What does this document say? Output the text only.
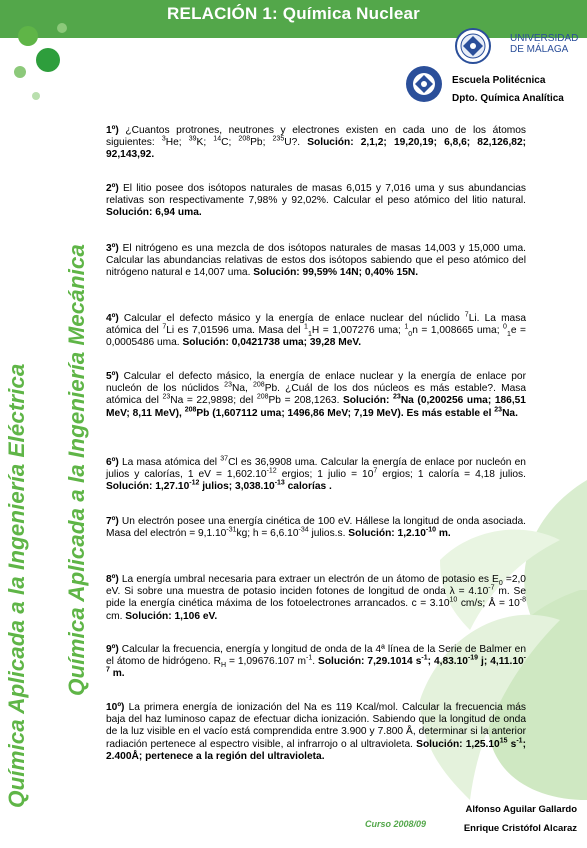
RELACIÓN 1: Química Nuclear
UNIVERSIDAD
DE MÁLAGA
Escuela Politécnica
Dpto. Química Analítica
Química Aplicada a la Ingeniería Eléctrica Química Aplicada a la Ingeniería Mecánica
1º) ¿Cuantos protrones, neutrones y electrones existen en cada uno de los átomos siguientes: $^3$He; $^{39}$K; $^{14}$C; $^{208}$Pb; $^{235}$U?. Solución: 2,1,2; 19,20,19; 6,8,6; 82,126,82; 92,143,92.
2º) El litio posee dos isótopos naturales de masas 6,015 y 7,016 uma y sus abundancias relativas son respectivamente 7,98% y 92,02%. Calcular el peso atómico del litio natural. Solución: 6,94 uma.
3º) El nitrógeno es una mezcla de dos isótopos naturales de masas 14,003 y 15,000 uma. Calcular las abundancias relativas de estos dos isótopos sabiendo que el peso atómico del nitrógeno natural e 14,007 uma. Solución: 99,59% 14N; 0,40% 15N.
4º) Calcular el defecto másico y la energía de enlace nuclear del núclido $^7$Li. La masa atómica del $^7$Li es 7,01596 uma. Masa del $^1_1$H = 1,007276 uma; $^1_0$n = 1,008665 uma; $^0_1$e = 0,0005486 uma. Solución: 0,0421738 uma; 39,28 MeV.
5º) Calcular el defecto másico, la energía de enlace nuclear y la energía de enlace por nucleón de los núclidos $^{23}$Na, $^{208}$Pb. ¿Cuál de los dos núcleos es más estable?. Masa atómica del $^{23}$Na = 22,9898; del $^{208}$Pb = 208,1263. Solución: $^{23}$Na (0,200256 uma; 186,51 MeV; 8,11 MeV), $^{208}$Pb (1,607112 uma; 1496,86 MeV; 7,19 MeV). Es más estable el $^{23}$Na.
6º) La masa atómica del $^{37}$Cl es 36,9908 uma. Calcular la energía de enlace por nucleón en julios y calorías, 1 eV = $1,602.10^{-12}$ ergios; 1 julio = $10^7$ ergios; 1 caloría = 4,18 julios. Solución: $1,27.10^{-12}$ julios; $3,038.10^{-13}$ calorías .
7º) Un electrón posee una energía cinética de 100 eV. Hállese la longitud de onda asociada. Masa del electrón = $9,1.10^{-31}kg$; $h = 6,6.10^{-34}$ julios.s. Solución: $1,2.10^{-10}$ m.
8º) La energía umbral necesaria para extraer un electrón de un átomo de potasio es $E_0 =2,0$ eV. Si sobre una muestra de potasio inciden fotones de longitud de onda $\lambda = 4.10^{-7}$ m. Se pide la energía cinética máxima de los fotoelectrones arrancados. $c = 3.10^{10}$ cm/s; Å = $10^{-8}$ cm. Solución: 1,106 eV.
9º) Calcular la frecuencia, energía y longitud de onda de la 4ª línea de la Serie de Balmer en el átomo de hidrógeno. $R_H = 1,09676.107$ $m^{-1}$. Solución: 7,29.1014 $s^{-1}$; $4,83.10^{-19}$ j; $4,11.10^{-7}$ m.
10º) La primera energía de ionización del Na es 119 Kcal/mol. Calcular la frecuencia más baja del haz luminoso capaz de efectuar dicha ionización. Sabiendo que la longitud de onda de la luz visible en el vacío está comprendida entre 3.900 y 7.800 Å, determinar si la anterior radiación pertenece al espectro visible, al infrarrojo o al ultravioleta. Solución: 1,25.10$^{15}$ $s^{-1}$; 2.400Å; pertenece a la región del ultravioleta.
Curso 2008/09
Alfonso Aguilar Gallardo
Enrique Cristófol Alcaraz
